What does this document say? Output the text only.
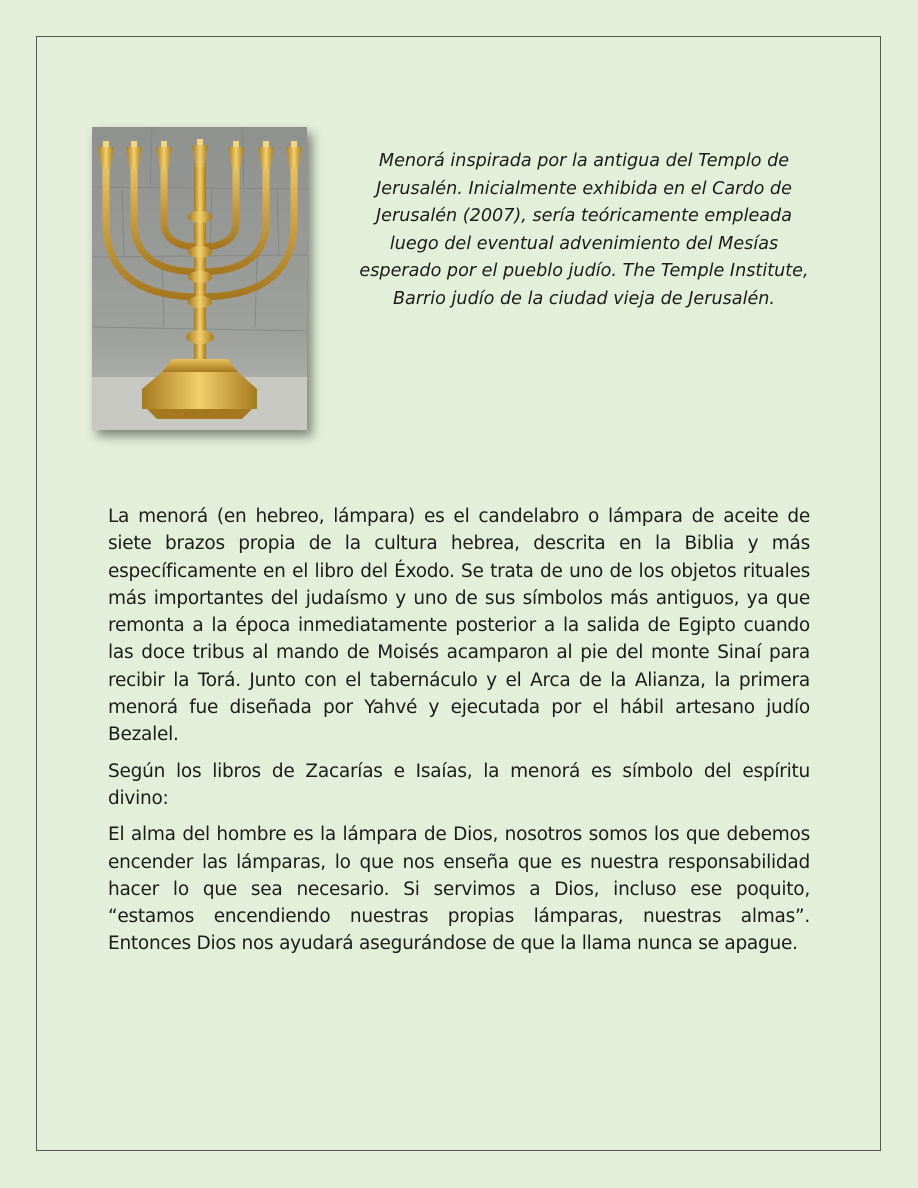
Menorá inspirada por la antigua del Templo de Jerusalén. Inicialmente exhibida en el Cardo de Jerusalén (2007), sería teóricamente empleada luego del eventual advenimiento del Mesías esperado por el pueblo judío. The Temple Institute, Barrio judío de la ciudad vieja de Jerusalén.

La menorá (en hebreo, lámpara) es el candelabro o lámpara de aceite de siete brazos propia de la cultura hebrea, descrita en la Biblia y más específicamente en el libro del Éxodo. Se trata de uno de los objetos rituales más importantes del judaísmo y uno de sus símbolos más antiguos, ya que remonta a la época inmediatamente posterior a la salida de Egipto cuando las doce tribus al mando de Moisés acamparon al pie del monte Sinaí para recibir la Torá. Junto con el tabernáculo y el Arca de la Alianza, la primera menorá fue diseñada por Yahvé y ejecutada por el hábil artesano judío Bezalel.

Según los libros de Zacarías e Isaías, la menorá es símbolo del espíritu divino:

El alma del hombre es la lámpara de Dios, nosotros somos los que debemos encender las lámparas, lo que nos enseña que es nuestra responsabilidad hacer lo que sea necesario. Si servimos a Dios, incluso ese poquito, “estamos encendiendo nuestras propias lámparas, nuestras almas”. Entonces Dios nos ayudará asegurándose de que la llama nunca se apague.
